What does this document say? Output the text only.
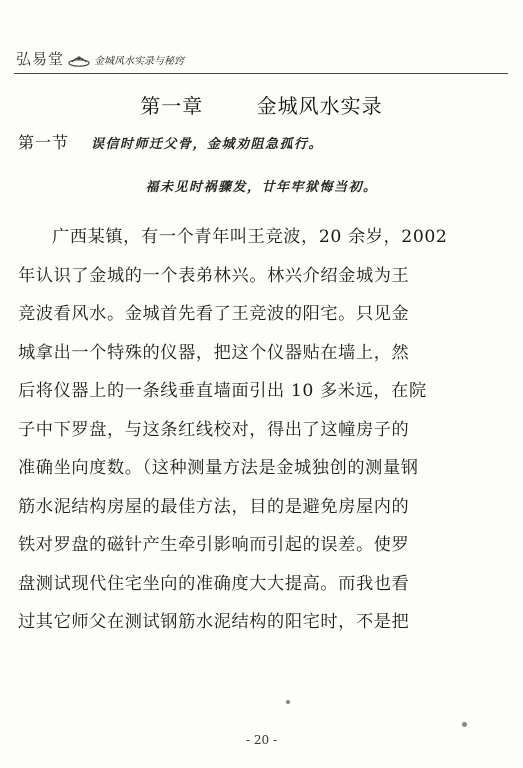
弘易堂	金城风水实录与秘窍
第一章	金城风水实录
第一节 误信时师迁父骨，金城劝阻急孤行。
福未见时祸骤发，廿年牢狱悔当初。
广西某镇，有一个青年叫王竞波，20 余岁，2002
年认识了金城的一个表弟林兴。林兴介绍金城为王
竞波看风水。金城首先看了王竞波的阳宅。只见金
城拿出一个特殊的仪器，把这个仪器贴在墙上，然
后将仪器上的一条线垂直墙面引出 10 多米远，在院
子中下罗盘，与这条红线校对，得出了这幢房子的
准确坐向度数。（这种测量方法是金城独创的测量钢
筋水泥结构房屋的最佳方法，目的是避免房屋内的
铁对罗盘的磁针产生牵引影响而引起的误差。使罗
盘测试现代住宅坐向的准确度大大提高。而我也看
过其它师父在测试钢筋水泥结构的阳宅时，不是把
- 20 -
